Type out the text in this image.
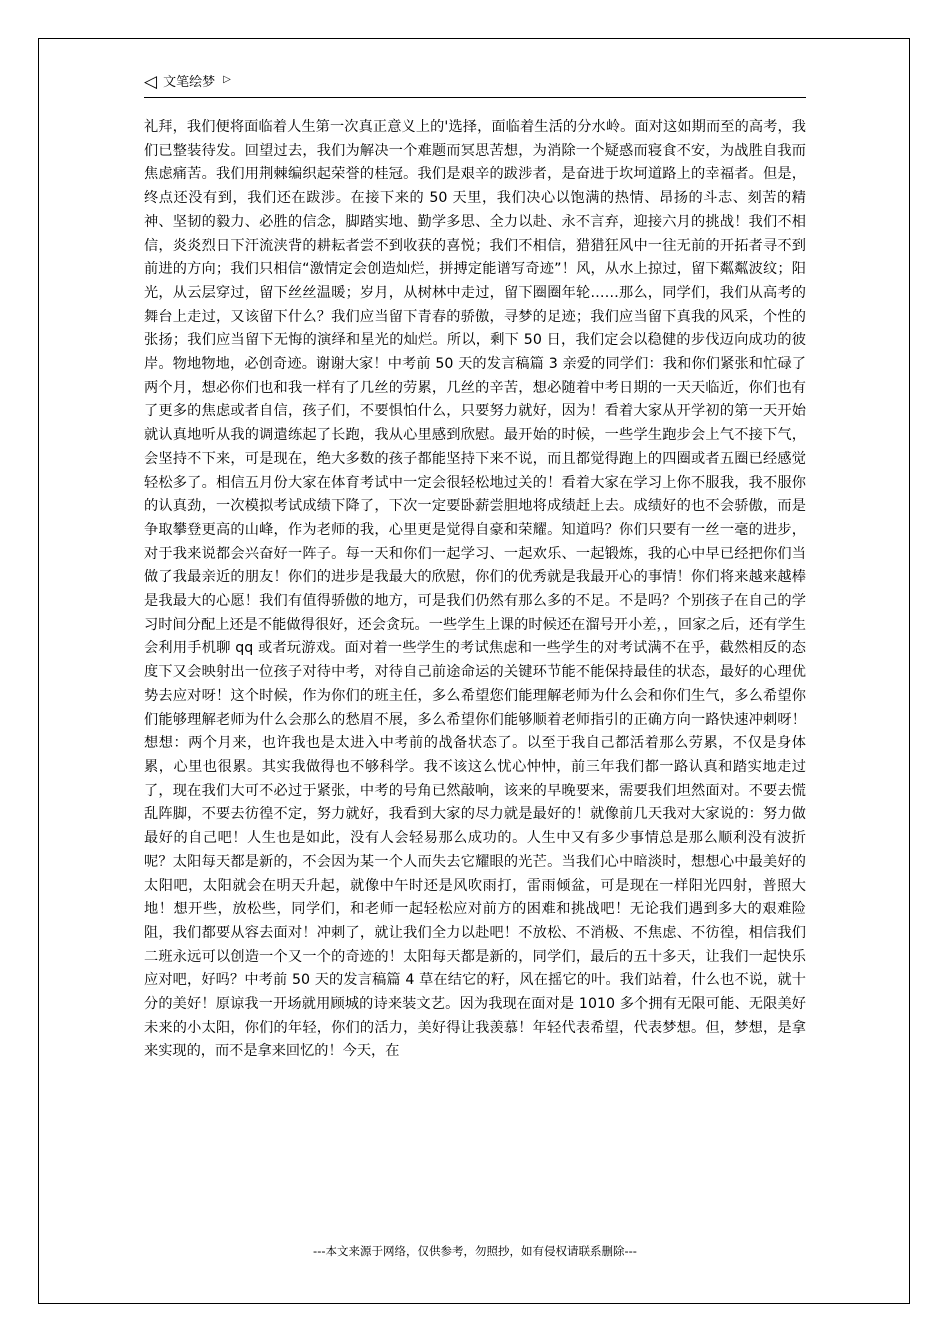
◁ 文笔绘梦 ▷

礼拜，我们便将面临着人生第一次真正意义上的'选择，面临着生活的分水岭。面对这如期而至的高考，我们已整装待发。回望过去，我们为解决一个难题而冥思苦想，为消除一个疑惑而寝食不安，为战胜自我而焦虑痛苦。我们用荆棘编织起荣誉的桂冠。我们是艰辛的跋涉者，是奋进于坎坷道路上的幸福者。但是，终点还没有到，我们还在跋涉。在接下来的 50 天里，我们决心以饱满的热情、昂扬的斗志、刻苦的精神、坚韧的毅力、必胜的信念，脚踏实地、勤学多思、全力以赴、永不言弃，迎接六月的挑战！我们不相信，炎炎烈日下汗流浃背的耕耘者尝不到收获的喜悦；我们不相信，猎猎狂风中一往无前的开拓者寻不到前进的方向；我们只相信“激情定会创造灿烂，拼搏定能谱写奇迹”！风，从水上掠过，留下粼粼波纹；阳光，从云层穿过，留下丝丝温暖；岁月，从树林中走过，留下圈圈年轮……那么，同学们，我们从高考的舞台上走过，又该留下什么？我们应当留下青春的骄傲，寻梦的足迹；我们应当留下真我的风采，个性的张扬；我们应当留下无悔的演绎和星光的灿烂。所以，剩下 50 日，我们定会以稳健的步伐迈向成功的彼岸。物地物地，必创奇迹。谢谢大家！中考前 50 天的发言稿篇 3 亲爱的同学们：我和你们紧张和忙碌了两个月，想必你们也和我一样有了几丝的劳累，几丝的辛苦，想必随着中考日期的一天天临近，你们也有了更多的焦虑或者自信，孩子们，不要惧怕什么，只要努力就好，因为！看着大家从开学初的第一天开始就认真地听从我的调遣练起了长跑，我从心里感到欣慰。最开始的时候，一些学生跑步会上气不接下气，会坚持不下来，可是现在，绝大多数的孩子都能坚持下来不说，而且都觉得跑上的四圈或者五圈已经感觉轻松多了。相信五月份大家在体育考试中一定会很轻松地过关的！看着大家在学习上你不服我，我不服你的认真劲，一次模拟考试成绩下降了，下次一定要卧薪尝胆地将成绩赶上去。成绩好的也不会骄傲，而是争取攀登更高的山峰，作为老师的我，心里更是觉得自豪和荣耀。知道吗？你们只要有一丝一毫的进步，对于我来说都会兴奋好一阵子。每一天和你们一起学习、一起欢乐、一起锻炼，我的心中早已经把你们当做了我最亲近的朋友！你们的进步是我最大的欣慰，你们的优秀就是我最开心的事情！你们将来越来越棒是我最大的心愿！我们有值得骄傲的地方，可是我们仍然有那么多的不足。不是吗？个别孩子在自己的学习时间分配上还是不能做得很好，还会贪玩。一些学生上课的时候还在溜号开小差，，回家之后，还有学生会利用手机聊 qq 或者玩游戏。面对着一些学生的考试焦虑和一些学生的对考试满不在乎，截然相反的态度下又会映射出一位孩子对待中考，对待自己前途命运的关键环节能不能保持最佳的状态，最好的心理优势去应对呀！这个时候，作为你们的班主任，多么希望您们能理解老师为什么会和你们生气，多么希望你们能够理解老师为什么会那么的愁眉不展，多么希望你们能够顺着老师指引的正确方向一路快速冲刺呀！想想：两个月来，也许我也是太进入中考前的战备状态了。以至于我自己都活着那么劳累，不仅是身体累，心里也很累。其实我做得也不够科学。我不该这么忧心忡忡，前三年我们都一路认真和踏实地走过了，现在我们大可不必过于紧张，中考的号角已然敲响，该来的早晚要来，需要我们坦然面对。不要去慌乱阵脚，不要去彷徨不定，努力就好，我看到大家的尽力就是最好的！就像前几天我对大家说的：努力做最好的自己吧！人生也是如此，没有人会轻易那么成功的。人生中又有多少事情总是那么顺利没有波折呢？太阳每天都是新的，不会因为某一个人而失去它耀眼的光芒。当我们心中暗淡时，想想心中最美好的太阳吧，太阳就会在明天升起，就像中午时还是风吹雨打，雷雨倾盆，可是现在一样阳光四射，普照大地！想开些，放松些，同学们，和老师一起轻松应对前方的困难和挑战吧！无论我们遇到多大的艰难险阻，我们都要从容去面对！冲刺了，就让我们全力以赴吧！不放松、不消极、不焦虑、不彷徨，相信我们二班永远可以创造一个又一个的奇迹的！太阳每天都是新的，同学们，最后的五十多天，让我们一起快乐应对吧，好吗？中考前 50 天的发言稿篇 4 草在结它的籽，风在摇它的叶。我们站着，什么也不说，就十分的美好！原谅我一开场就用顾城的诗来装文艺。因为我现在面对是 1010 多个拥有无限可能、无限美好未来的小太阳，你们的年轻，你们的活力，美好得让我羡慕！年轻代表希望，代表梦想。但，梦想，是拿来实现的，而不是拿来回忆的！今天，在

---本文来源于网络，仅供参考，勿照抄，如有侵权请联系删除---
